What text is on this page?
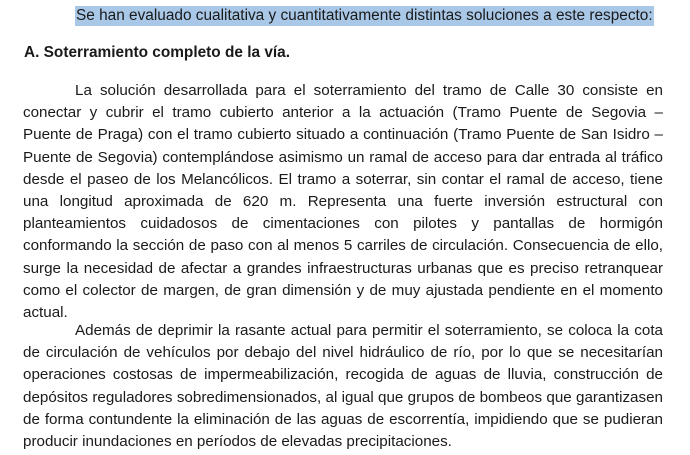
Se han evaluado cualitativa y cuantitativamente distintas soluciones a este respecto:
A. Soterramiento completo de la vía.
La solución desarrollada para el soterramiento del tramo de Calle 30 consiste en
conectar y cubrir el tramo cubierto anterior a la actuación (Tramo Puente de Segovia –
Puente de Praga) con el tramo cubierto situado a continuación (Tramo Puente de San Isidro –
Puente de Segovia) contemplándose asimismo un ramal de acceso para dar entrada al tráfico
desde el paseo de los Melancólicos. El tramo a soterrar, sin contar el ramal de acceso, tiene
una longitud aproximada de 620 m. Representa una fuerte inversión estructural con
planteamientos cuidadosos de cimentaciones con pilotes y pantallas de hormigón
conformando la sección de paso con al menos 5 carriles de circulación. Consecuencia de ello,
surge la necesidad de afectar a grandes infraestructuras urbanas que es preciso retranquear
como el colector de margen, de gran dimensión y de muy ajustada pendiente en el momento
actual.
Además de deprimir la rasante actual para permitir el soterramiento, se coloca la cota
de circulación de vehículos por debajo del nivel hidráulico de río, por lo que se necesitarían
operaciones costosas de impermeabilización, recogida de aguas de lluvia, construcción de
depósitos reguladores sobredimensionados, al igual que grupos de bombeos que garantizasen
de forma contundente la eliminación de las aguas de escorrentía, impidiendo que se pudieran
producir inundaciones en períodos de elevadas precipitaciones.
